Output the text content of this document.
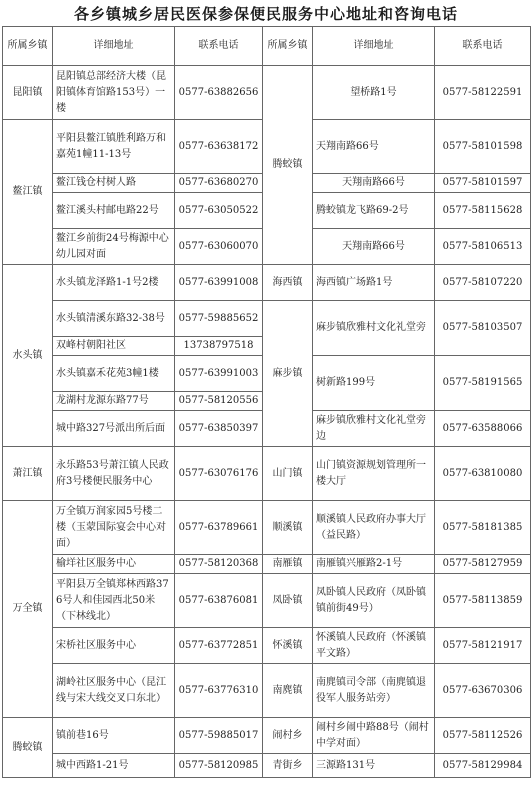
各乡镇城乡居民医保参保便民服务中心地址和咨询电话
所属乡镇	详细地址	联系电话	所属乡镇	详细地址	联系电话
昆阳镇	昆阳镇总部经济大楼（昆阳镇体育馆路153号）一楼	0577-63882656	腾蛟镇	望桥路1号	0577-58122591
鳌江镇	平阳县鳌江镇胜利路万和嘉苑1幢11-13号	0577-63638172		天翔南路66号	0577-58101598
	鳌江钱仓村树人路	0577-63680270		天翔南路66号	0577-58101597
	鳌江溪头村邮电路22号	0577-63050522		腾蛟镇龙飞路69-2号	0577-58115628
	鳌江乡前街24号梅源中心幼儿园对面	0577-63060070		天翔南路66号	0577-58106513
水头镇	水头镇龙泽路1-1号2楼	0577-63991008	海西镇	海西镇广场路1号	0577-58107220
	水头镇清溪东路32-38号	0577-59885652	麻步镇	麻步镇欣雅村文化礼堂旁	0577-58103507
	双峰村朝阳社区	13738797518			
	水头镇嘉禾花苑3幢1楼	0577-63991003		树新路199号	0577-58191565
	龙湖村龙源东路77号	0577-58120556			
	城中路327号派出所后面	0577-63850397		麻步镇欣雅村文化礼堂旁边	0577-63588066
萧江镇	永乐路53号萧江镇人民政府3号楼便民服务中心	0577-63076176	山门镇	山门镇资源规划管理所一楼大厅	0577-63810080
万全镇	万全镇万润家园5号楼二楼（玉蒙国际宴会中心对面）	0577-63789661	顺溪镇	顺溪镇人民政府办事大厅（益民路）	0577-58181385
	榆垟社区服务中心	0577-58120368	南雁镇	南雁镇兴雁路2-1号	0577-58127959
	平阳县万全镇郑林西路376号人和佳园西北50米（下林线北）	0577-63876081	凤卧镇	凤卧镇人民政府（凤卧镇镇前街49号）	0577-58113859
	宋桥社区服务中心	0577-63772851	怀溪镇	怀溪镇人民政府（怀溪镇平文路）	0577-58121917
	湖岭社区服务中心（昆江线与宋大线交叉口东北）	0577-63776310	南麂镇	南麂镇司令部（南麂镇退役军人服务站旁）	0577-63670306
腾蛟镇	镇前巷16号	0577-59885017	闹村乡	闹村乡闹中路88号（闹村中学对面）	0577-58112526
	城中西路1-21号	0577-58120985	青街乡	三源路131号	0577-58129984
